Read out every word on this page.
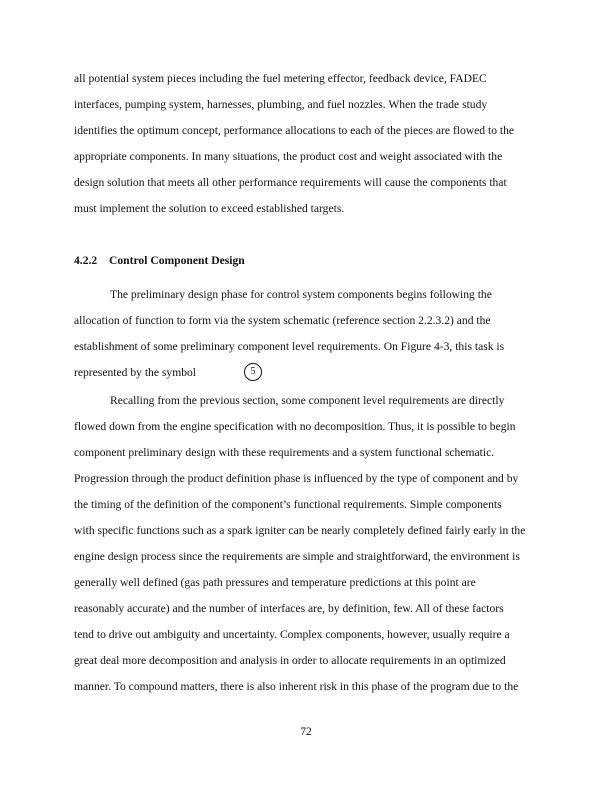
all potential system pieces including the fuel metering effector, feedback device, FADEC
interfaces, pumping system, harnesses, plumbing, and fuel nozzles. When the trade study
identifies the optimum concept, performance allocations to each of the pieces are flowed to the
appropriate components. In many situations, the product cost and weight associated with the
design solution that meets all other performance requirements will cause the components that
must implement the solution to exceed established targets.
4.2.2 Control Component Design
The preliminary design phase for control system components begins following the
allocation of function to form via the system schematic (reference section 2.2.3.2) and the
establishment of some preliminary component level requirements. On Figure 4-3, this task is
represented by the symbol	5
Recalling from the previous section, some component level requirements are directly
flowed down from the engine specification with no decomposition. Thus, it is possible to begin
component preliminary design with these requirements and a system functional schematic.
Progression through the product definition phase is influenced by the type of component and by
the timing of the definition of the component’s functional requirements. Simple components
with specific functions such as a spark igniter can be nearly completely defined fairly early in the
engine design process since the requirements are simple and straightforward, the environment is
generally well defined (gas path pressures and temperature predictions at this point are
reasonably accurate) and the number of interfaces are, by definition, few. All of these factors
tend to drive out ambiguity and uncertainty. Complex components, however, usually require a
great deal more decomposition and analysis in order to allocate requirements in an optimized
manner. To compound matters, there is also inherent risk in this phase of the program due to the
72
